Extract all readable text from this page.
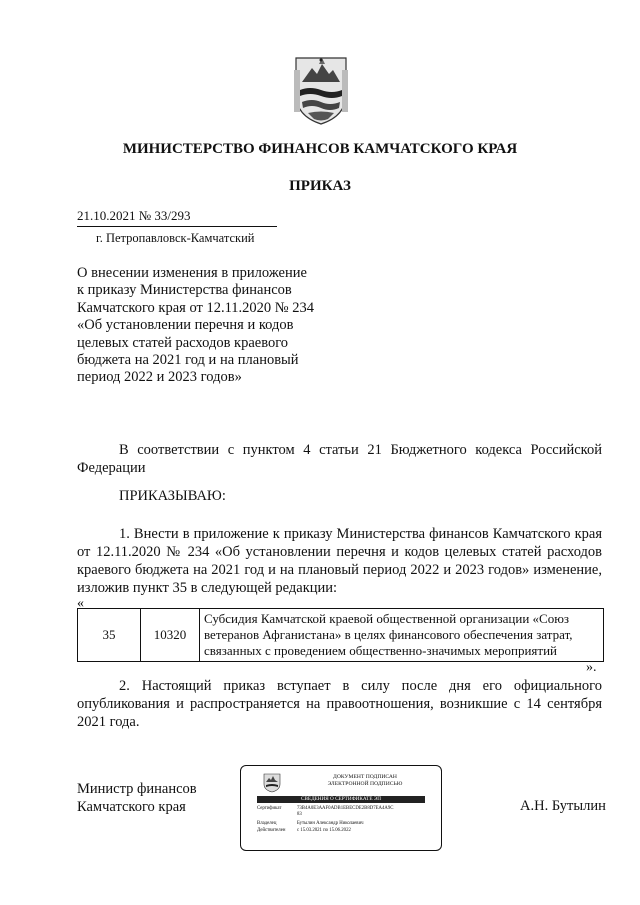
МИНИСТЕРСТВО ФИНАНСОВ КАМЧАТСКОГО КРАЯ
ПРИКАЗ
21.10.2021 № 33/293
г. Петропавловск-Камчатский
О внесении изменения в приложение к приказу Министерства финансов Камчатского края от 12.11.2020 № 234 «Об установлении перечня и кодов целевых статей расходов краевого бюджета на 2021 год и на плановый период 2022 и 2023 годов»
В соответствии с пунктом 4 статьи 21 Бюджетного кодекса Российской Федерации
ПРИКАЗЫВАЮ:
1. Внести в приложение к приказу Министерства финансов Камчатского края от 12.11.2020 № 234 «Об установлении перечня и кодов целевых статей расходов краевого бюджета на 2021 год и на плановый период 2022 и 2023 годов» изменение, изложив пункт 35 в следующей редакции:
«
35	10320	Субсидия Камчатской краевой общественной организации «Союз ветеранов Афганистана» в целях финансового обеспечения затрат, связанных с проведением общественно-значимых мероприятий
».
2. Настоящий приказ вступает в силу после дня его официального опубликования и распространяется на правоотношения, возникшие с 14 сентября 2021 года.
Министр финансов
Камчатского края	А.Н. Бутылин
ДОКУМЕНТ ПОДПИСАН
ЭЛЕКТРОННОЙ ПОДПИСЬЮ
СВЕДЕНИЯ О СЕРТИФИКАТЕ ЭП
Сертификат	73B4A0E3AAF0ADB1EBECDE2B8D7EA4A9C
83
Владелец	Бутылин Александр Николаевич
Действителен с 15.03.2021 по 15.06.2022
